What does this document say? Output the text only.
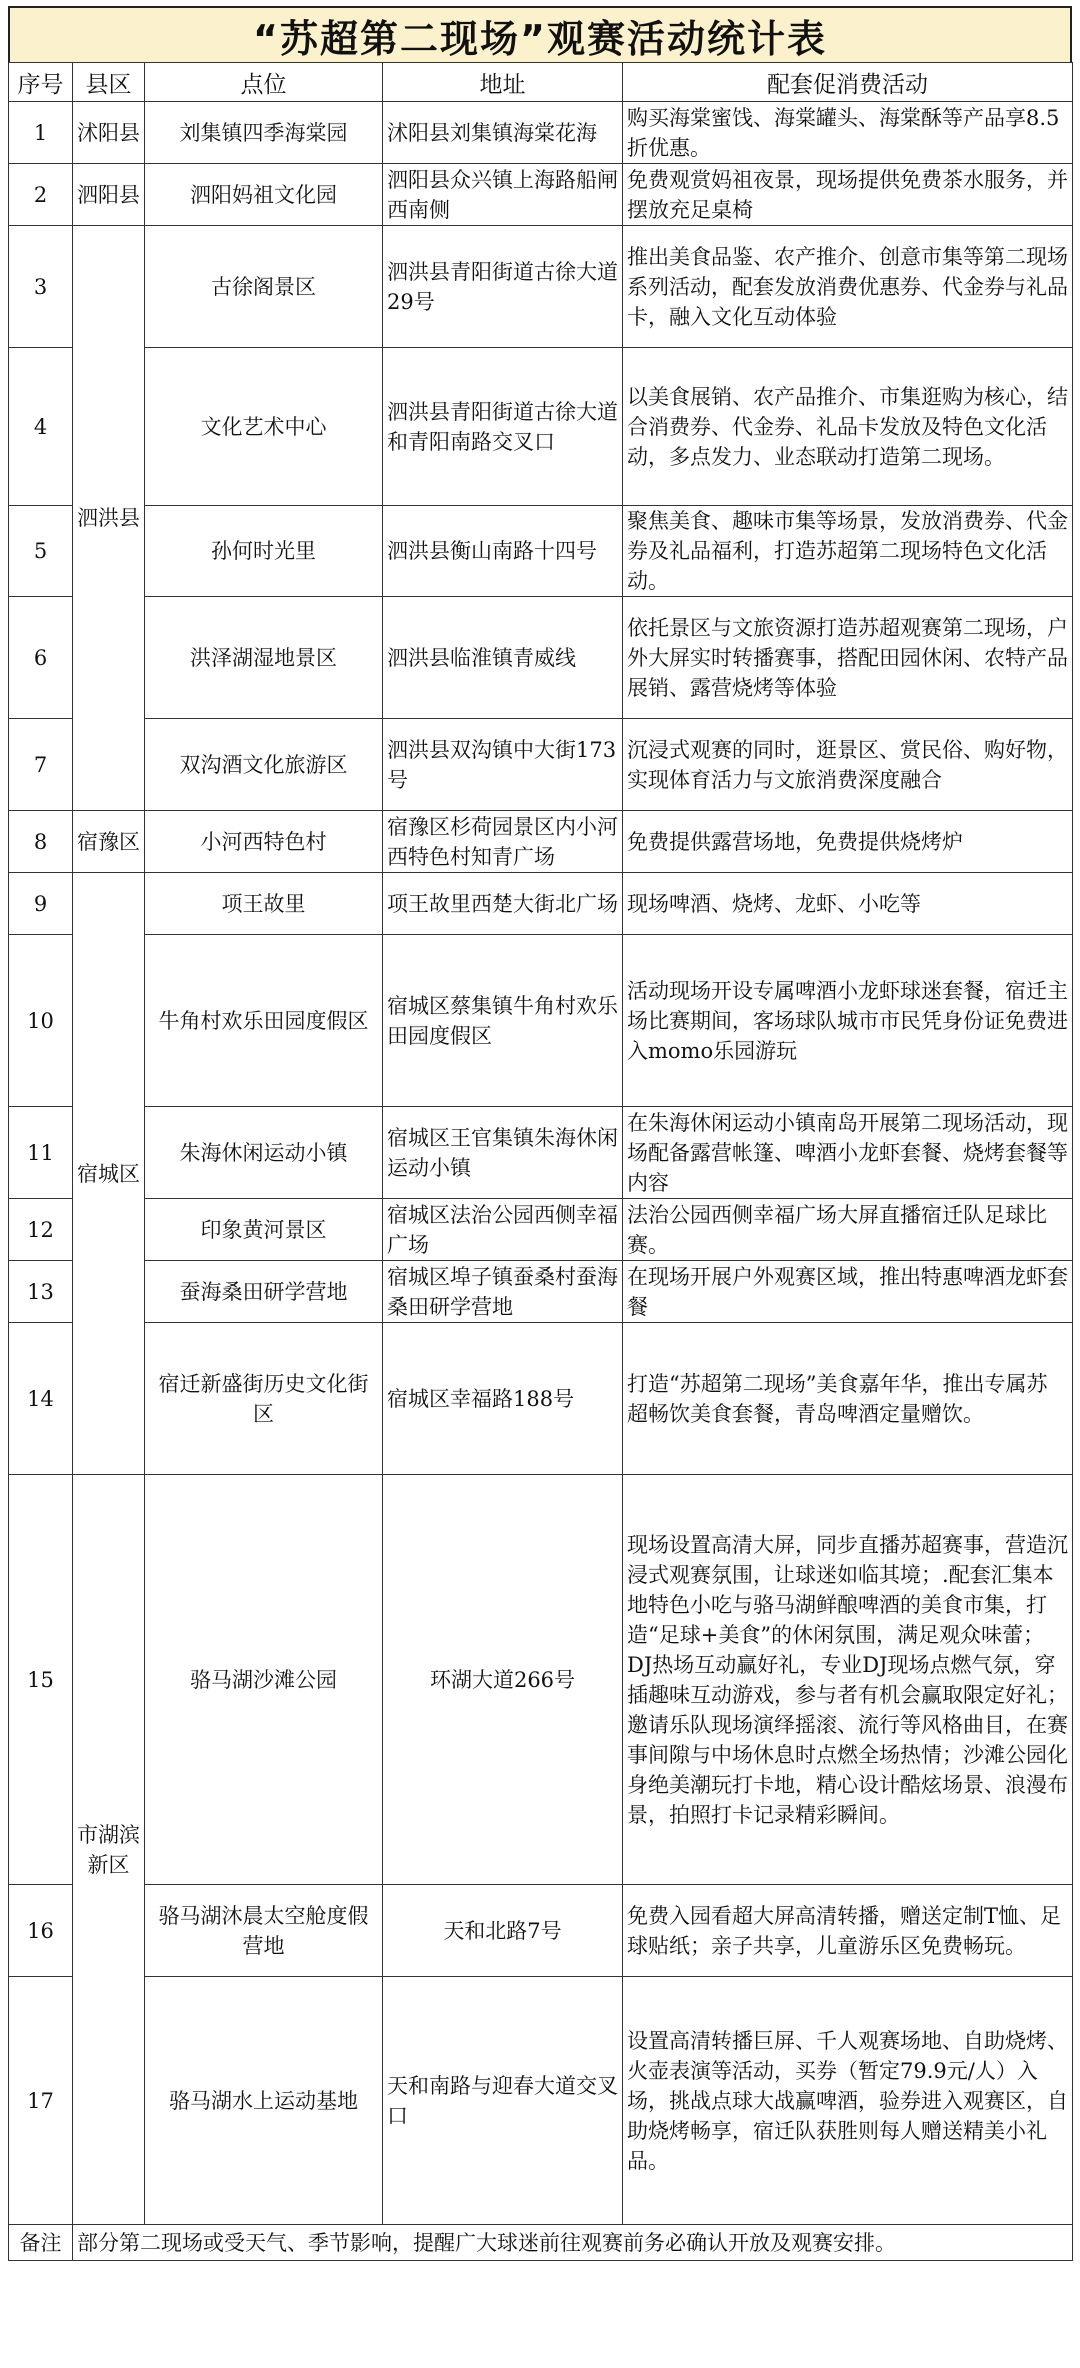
“苏超第二现场”观赛活动统计表
序号	县区	点位	地址	配套促消费活动
1	沭阳县	刘集镇四季海棠园	沭阳县刘集镇海棠花海	购买海棠蜜饯、海棠罐头、海棠酥等产品享8.5折优惠。
2	泗阳县	泗阳妈祖文化园	泗阳县众兴镇上海路船闸西南侧	免费观赏妈祖夜景，现场提供免费茶水服务，并摆放充足桌椅
3	泗洪县	古徐阁景区	泗洪县青阳街道古徐大道29号	推出美食品鉴、农产推介、创意市集等第二现场系列活动，配套发放消费优惠券、代金券与礼品卡，融入文化互动体验
4		文化艺术中心	泗洪县青阳街道古徐大道和青阳南路交叉口	以美食展销、农产品推介、市集逛购为核心，结合消费券、代金券、礼品卡发放及特色文化活动，多点发力、业态联动打造第二现场。
5		孙何时光里	泗洪县衡山南路十四号	聚焦美食、趣味市集等场景，发放消费券、代金券及礼品福利，打造苏超第二现场特色文化活动。
6		洪泽湖湿地景区	泗洪县临淮镇青威线	依托景区与文旅资源打造苏超观赛第二现场，户外大屏实时转播赛事，搭配田园休闲、农特产品展销、露营烧烤等体验
7		双沟酒文化旅游区	泗洪县双沟镇中大街173号	沉浸式观赛的同时，逛景区、赏民俗、购好物，实现体育活力与文旅消费深度融合
8	宿豫区	小河西特色村	宿豫区杉荷园景区内小河西特色村知青广场	免费提供露营场地，免费提供烧烤炉
9	宿城区	项王故里	项王故里西楚大街北广场	现场啤酒、烧烤、龙虾、小吃等
10		牛角村欢乐田园度假区	宿城区蔡集镇牛角村欢乐田园度假区	活动现场开设专属啤酒小龙虾球迷套餐，宿迁主场比赛期间，客场球队城市市民凭身份证免费进入momo乐园游玩
11		朱海休闲运动小镇	宿城区王官集镇朱海休闲运动小镇	在朱海休闲运动小镇南岛开展第二现场活动，现场配备露营帐篷、啤酒小龙虾套餐、烧烤套餐等内容
12		印象黄河景区	宿城区法治公园西侧幸福广场	法治公园西侧幸福广场大屏直播宿迁队足球比赛。
13		蚕海桑田研学营地	宿城区埠子镇蚕桑村蚕海桑田研学营地	在现场开展户外观赛区域，推出特惠啤酒龙虾套餐
14		宿迁新盛街历史文化街区	宿城区幸福路188号	打造“苏超第二现场”美食嘉年华，推出专属苏超畅饮美食套餐，青岛啤酒定量赠饮。
15	市湖滨新区	骆马湖沙滩公园	环湖大道266号	现场设置高清大屏，同步直播苏超赛事，营造沉浸式观赛氛围，让球迷如临其境；.配套汇集本地特色小吃与骆马湖鲜酿啤酒的美食市集，打造“足球+美食”的休闲氛围，满足观众味蕾；DJ热场互动赢好礼，专业DJ现场点燃气氛，穿插趣味互动游戏，参与者有机会赢取限定好礼；邀请乐队现场演绎摇滚、流行等风格曲目，在赛事间隙与中场休息时点燃全场热情；沙滩公园化身绝美潮玩打卡地，精心设计酷炫场景、浪漫布景，拍照打卡记录精彩瞬间。
16		骆马湖沐晨太空舱度假营地	天和北路7号	免费入园看超大屏高清转播，赠送定制T恤、足球贴纸；亲子共享，儿童游乐区免费畅玩。
17		骆马湖水上运动基地	天和南路与迎春大道交叉口	设置高清转播巨屏、千人观赛场地、自助烧烤、火壶表演等活动，买券（暂定79.9元/人）入场，挑战点球大战赢啤酒，验券进入观赛区，自助烧烤畅享，宿迁队获胜则每人赠送精美小礼品。
备注	部分第二现场或受天气、季节影响，提醒广大球迷前往观赛前务必确认开放及观赛安排。			
